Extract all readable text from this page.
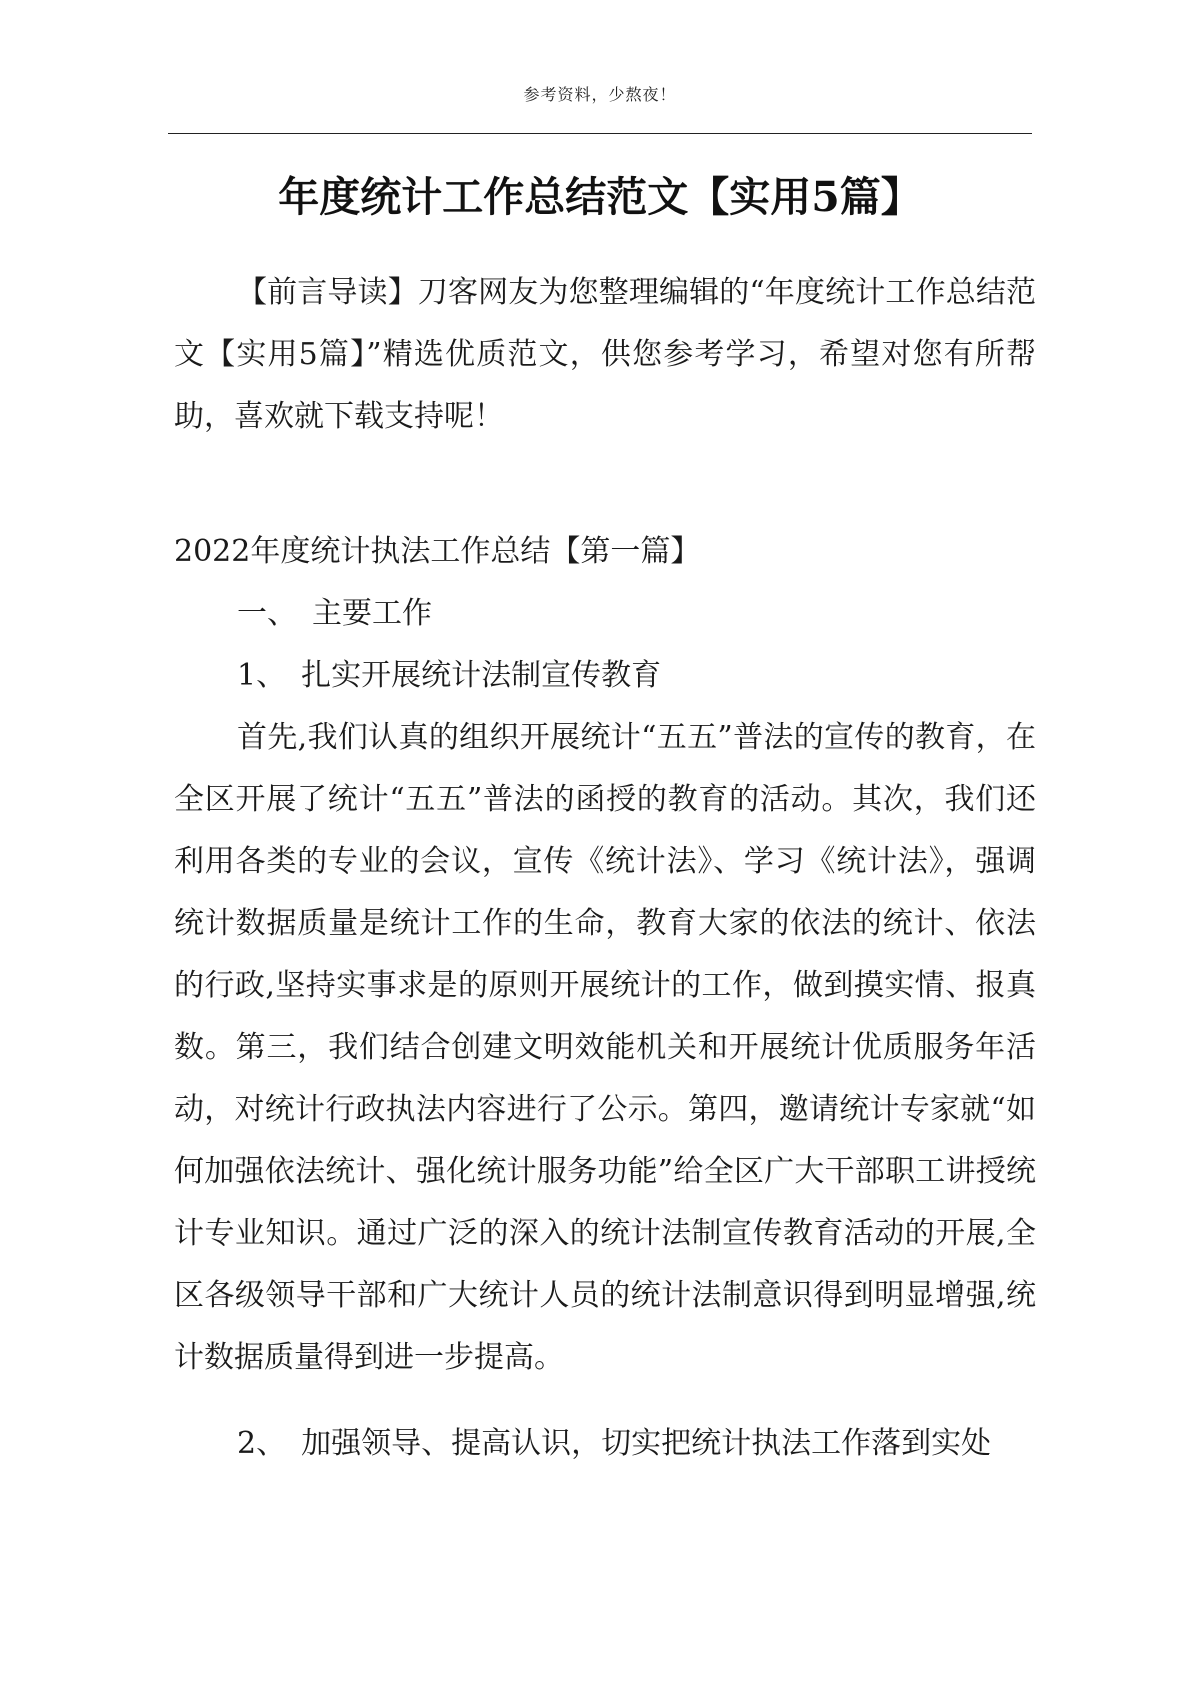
参考资料，少熬夜！
年度统计工作总结范文【实用5篇】

【前言导读】刀客网友为您整理编辑的“年度统计工作总结范文【实用5篇】”精选优质范文，供您参考学习，希望对您有所帮助，喜欢就下载支持呢！

2022年度统计执法工作总结【第一篇】
一、　主要工作
1、　扎实开展统计法制宣传教育

首先,我们认真的组织开展统计“五五”普法的宣传的教育，在全区开展了统计“五五”普法的函授的教育的活动。其次，我们还利用各类的专业的会议，宣传《统计法》、学习《统计法》，强调统计数据质量是统计工作的生命，教育大家的依法的统计、依法的行政,坚持实事求是的原则开展统计的工作，做到摸实情、报真数。第三，我们结合创建文明效能机关和开展统计优质服务年活动，对统计行政执法内容进行了公示。第四，邀请统计专家就“如何加强依法统计、强化统计服务功能”给全区广大干部职工讲授统计专业知识。通过广泛的深入的统计法制宣传教育活动的开展,全区各级领导干部和广大统计人员的统计法制意识得到明显增强,统计数据质量得到进一步提高。

2、　加强领导、提高认识，切实把统计执法工作落到实处
